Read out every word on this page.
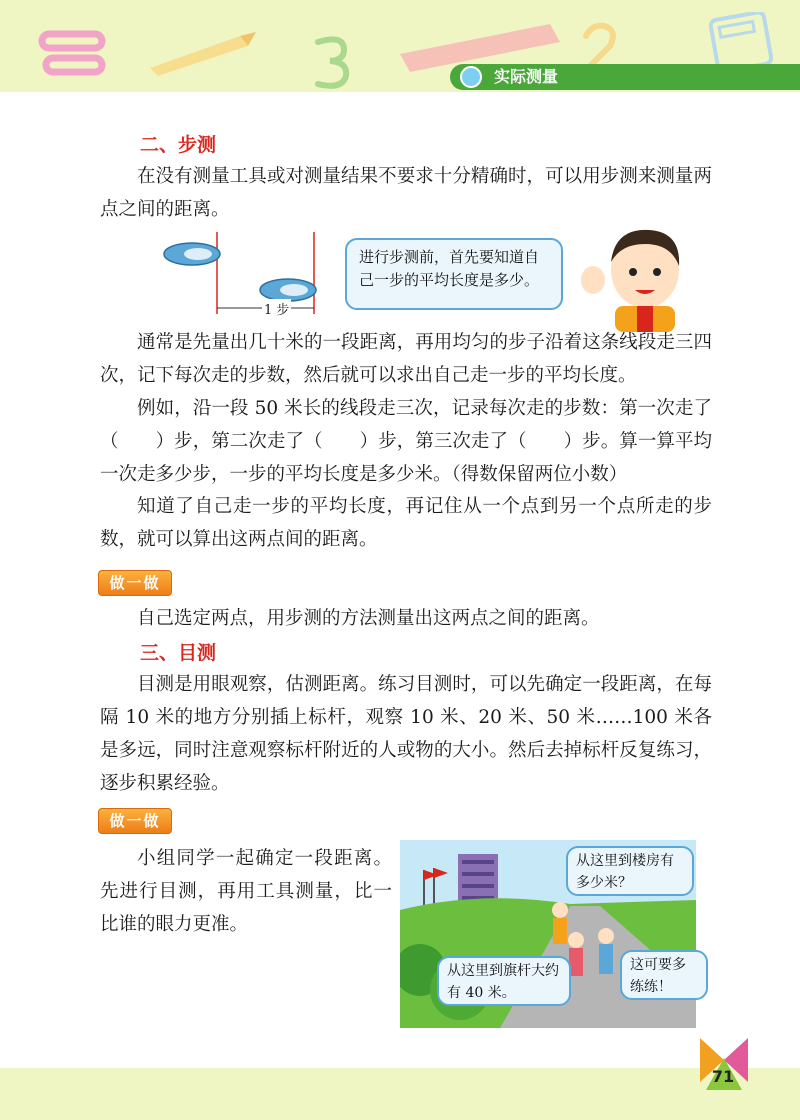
实际测量
二、步测
在没有测量工具或对测量结果不要求十分精确时，可以用步测来测量两点之间的距离。
1 步
进行步测前，首先要知道自己一步的平均长度是多少。
通常是先量出几十米的一段距离，再用均匀的步子沿着这条线段走三四次，记下每次走的步数，然后就可以求出自己走一步的平均长度。
例如，沿一段 50 米长的线段走三次，记录每次走的步数：第一次走了（　　）步，第二次走了（　　）步，第三次走了（　　）步。算一算平均一次走多少步，一步的平均长度是多少米。（得数保留两位小数）
知道了自己走一步的平均长度，再记住从一个点到另一个点所走的步数，就可以算出这两点间的距离。
做一做
自己选定两点，用步测的方法测量出这两点之间的距离。
三、目测
目测是用眼观察，估测距离。练习目测时，可以先确定一段距离，在每隔 10 米的地方分别插上标杆，观察 10 米、20 米、50 米……100 米各是多远，同时注意观察标杆附近的人或物的大小。然后去掉标杆反复练习，逐步积累经验。
做一做
小组同学一起确定一段距离。先进行目测，再用工具测量，比一比谁的眼力更准。
从这里到楼房有多少米？
从这里到旗杆大约有 40 米。
这可要多练练！
71
